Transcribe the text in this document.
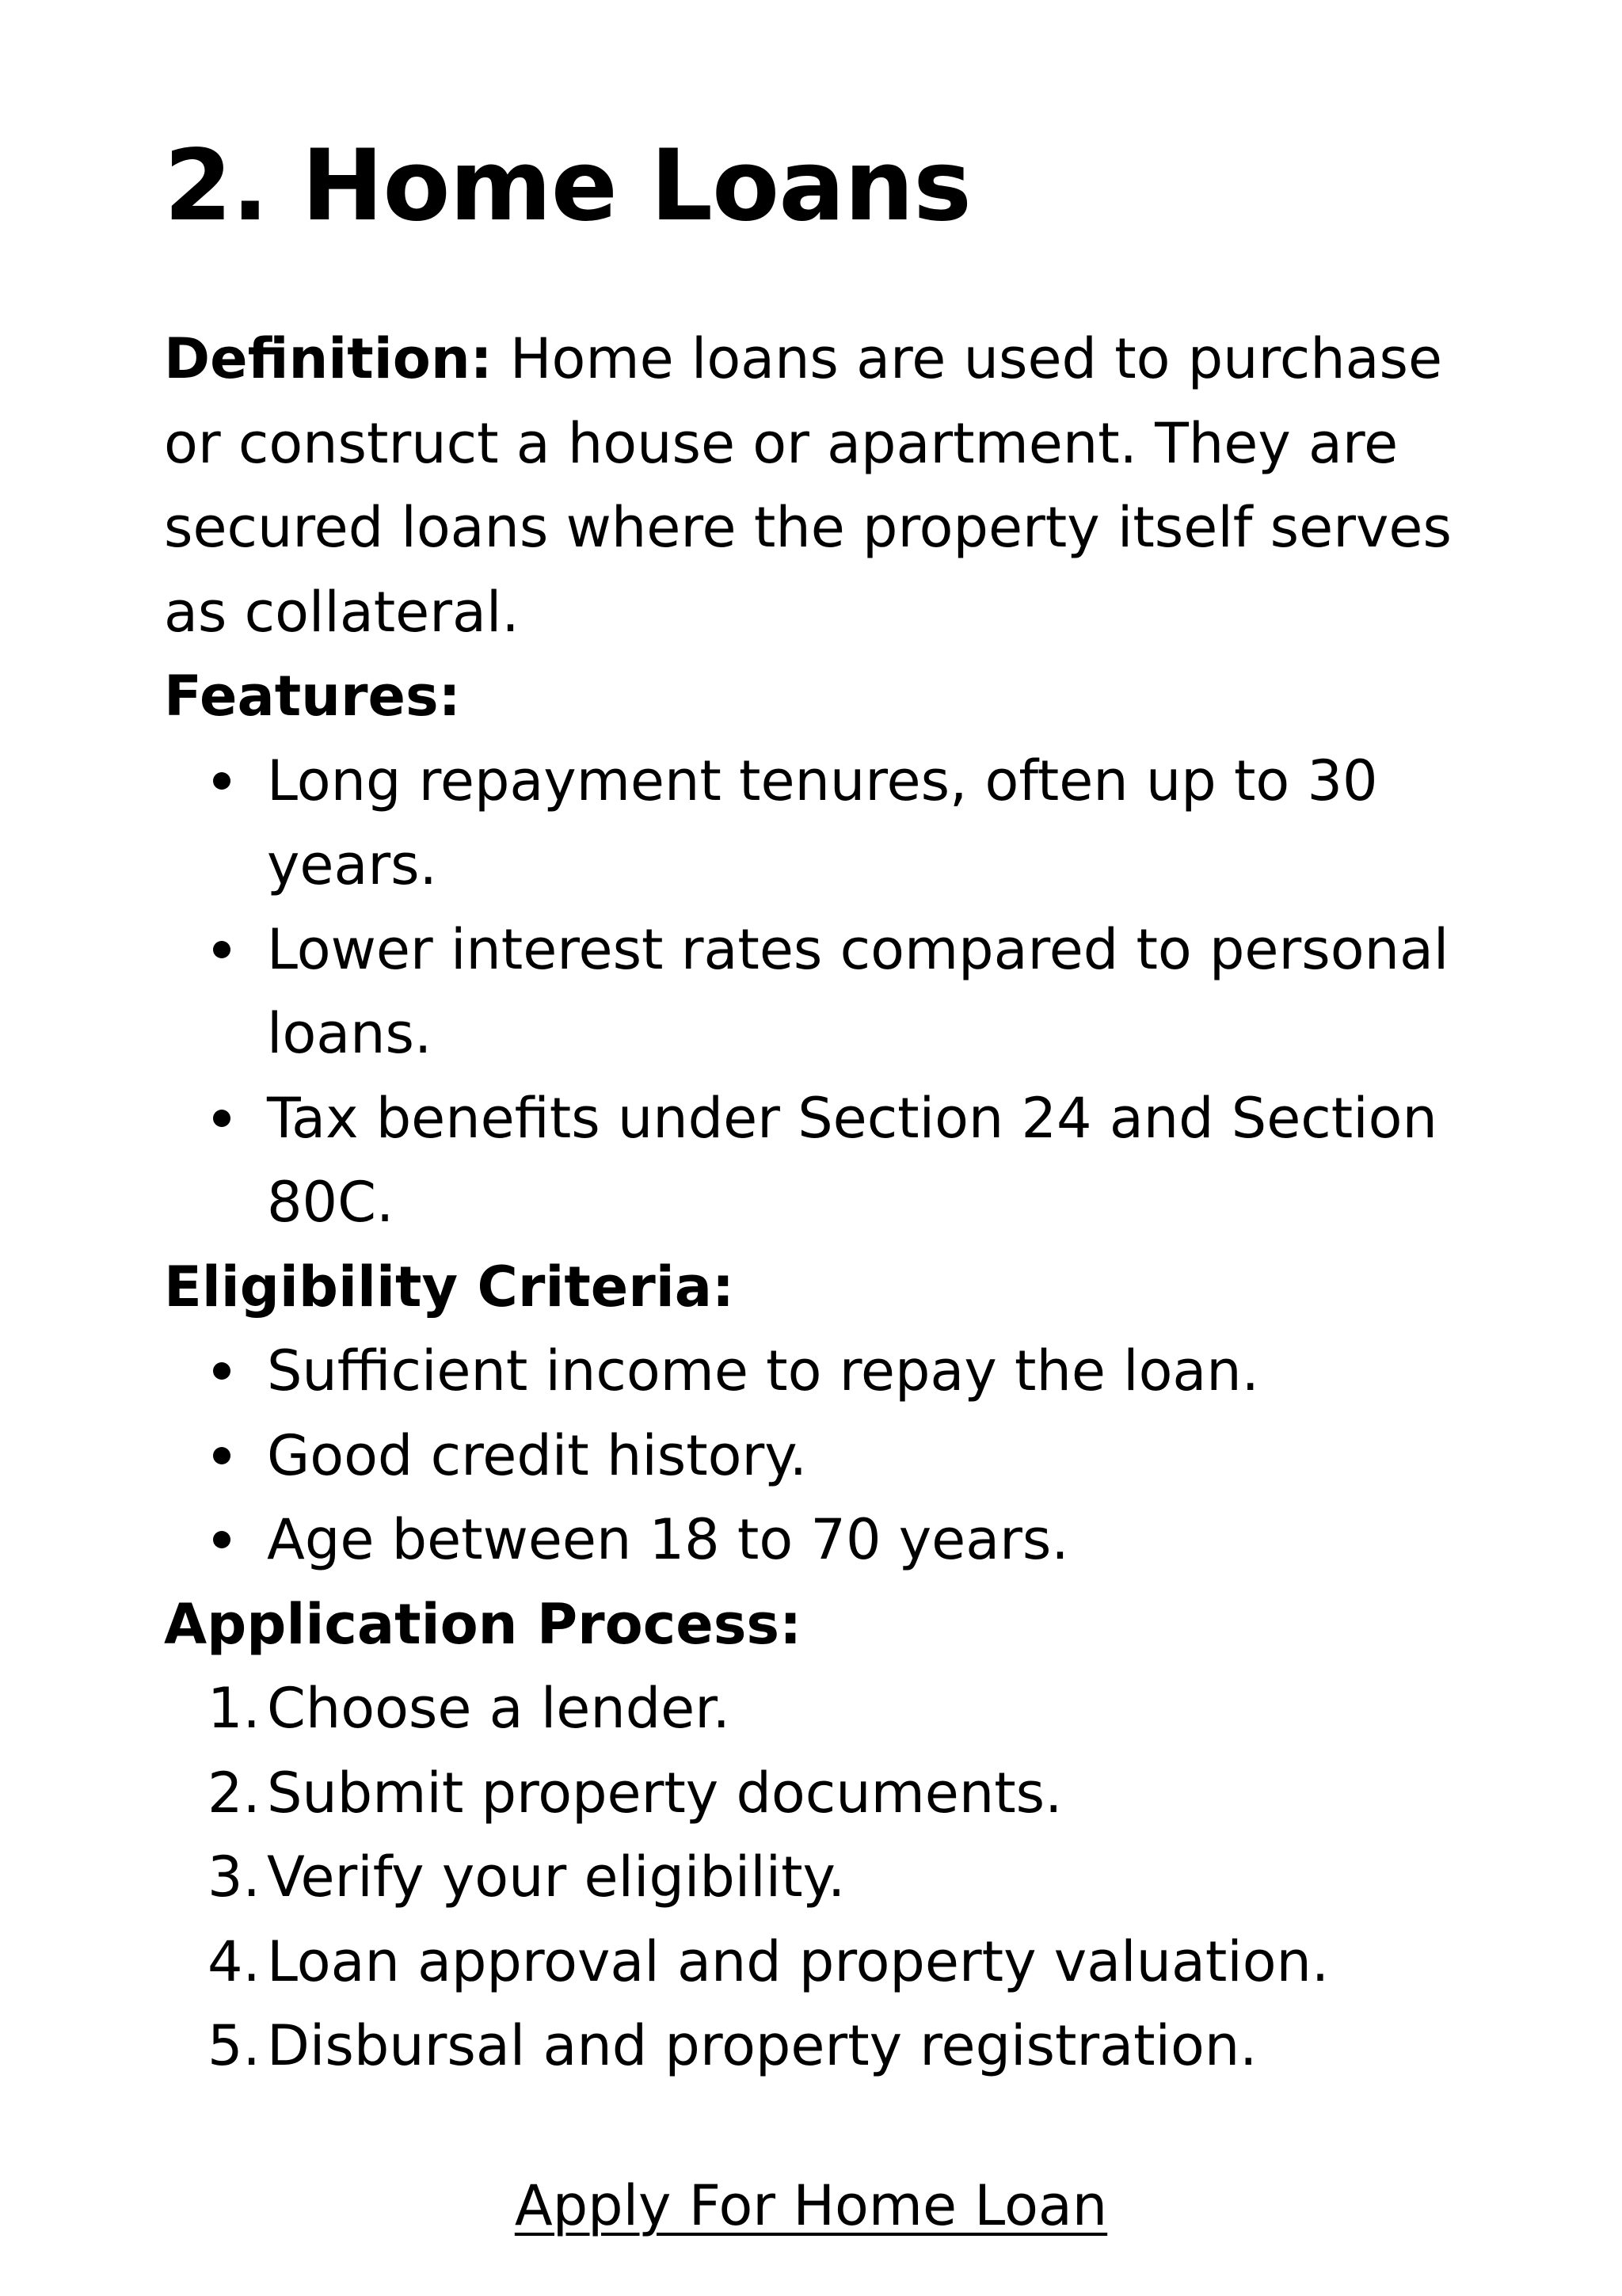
2. Home Loans

Definition: Home loans are used to purchase or construct a house or apartment. They are secured loans where the property itself serves as collateral.

Features:

Long repayment tenures, often up to 30 years.
Lower interest rates compared to personal loans.
Tax benefits under Section 24 and Section 80C.

Eligibility Criteria:

Sufficient income to repay the loan.
Good credit history.
Age between 18 to 70 years.

Application Process:

1. Choose a lender.
2. Submit property documents.
3. Verify your eligibility.
4. Loan approval and property valuation.
5. Disbursal and property registration.
Apply For Home Loan
